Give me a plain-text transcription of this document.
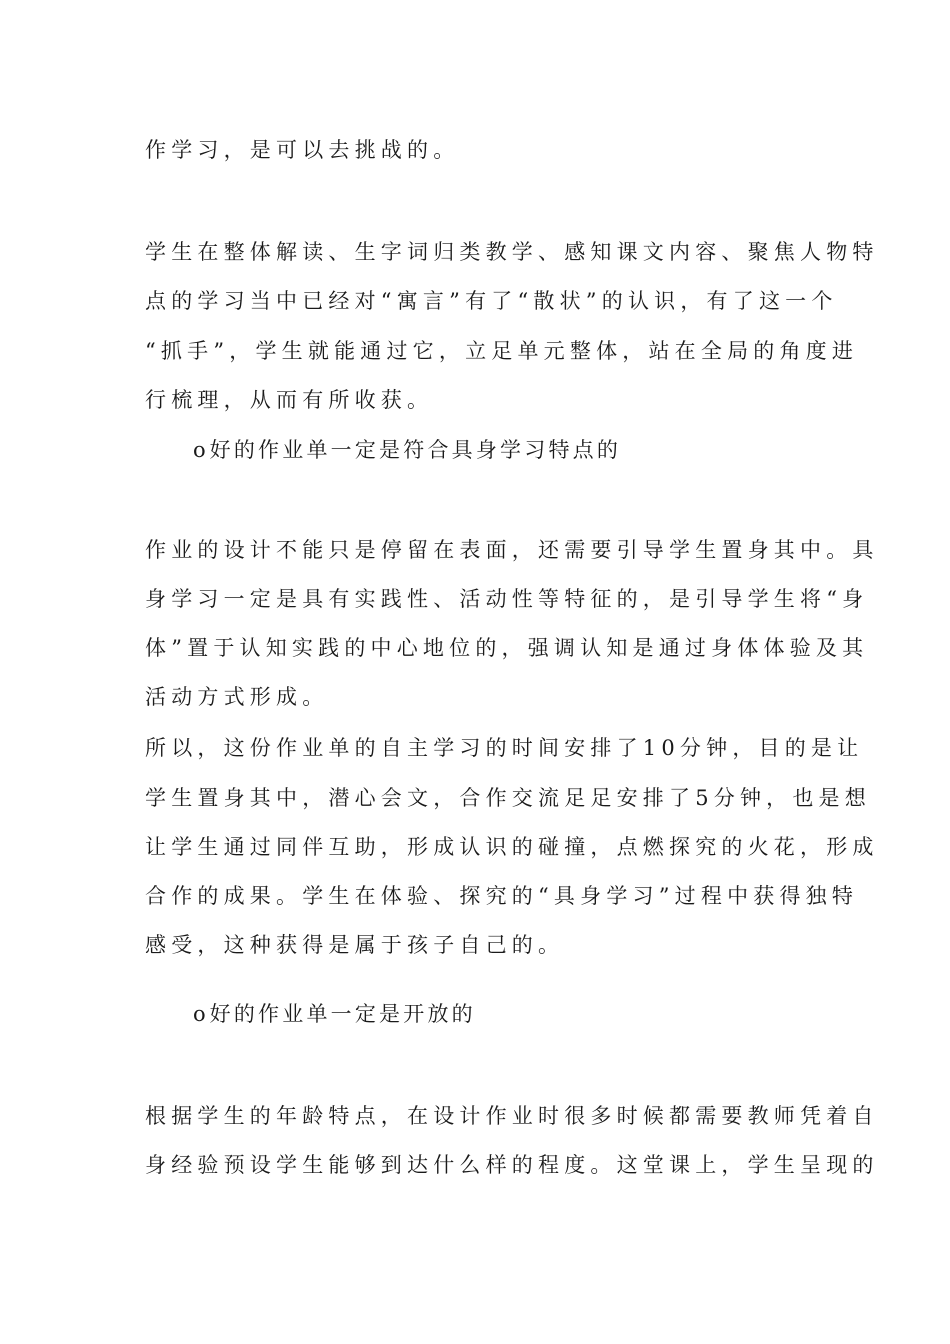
作学习，是可以去挑战的。
学生在整体解读、生字词归类教学、感知课文内容、聚焦人物特
点的学习当中已经对“寓言”有了“散状”的认识，有了这一个
“抓手”，学生就能通过它，立足单元整体，站在全局的角度进
行梳理，从而有所收获。
o 好的作业单一定是符合具身学习特点的
作业的设计不能只是停留在表面，还需要引导学生置身其中。具
身学习一定是具有实践性、活动性等特征的，是引导学生将“身
体”置于认知实践的中心地位的，强调认知是通过身体体验及其
活动方式形成。
所以，这份作业单的自主学习的时间安排了10分钟，目的是让
学生置身其中，潜心会文，合作交流足足安排了5分钟，也是想
让学生通过同伴互助，形成认识的碰撞，点燃探究的火花，形成
合作的成果。学生在体验、探究的“具身学习”过程中获得独特
感受，这种获得是属于孩子自己的。
o 好的作业单一定是开放的
根据学生的年龄特点，在设计作业时很多时候都需要教师凭着自
身经验预设学生能够到达什么样的程度。这堂课上，学生呈现的
